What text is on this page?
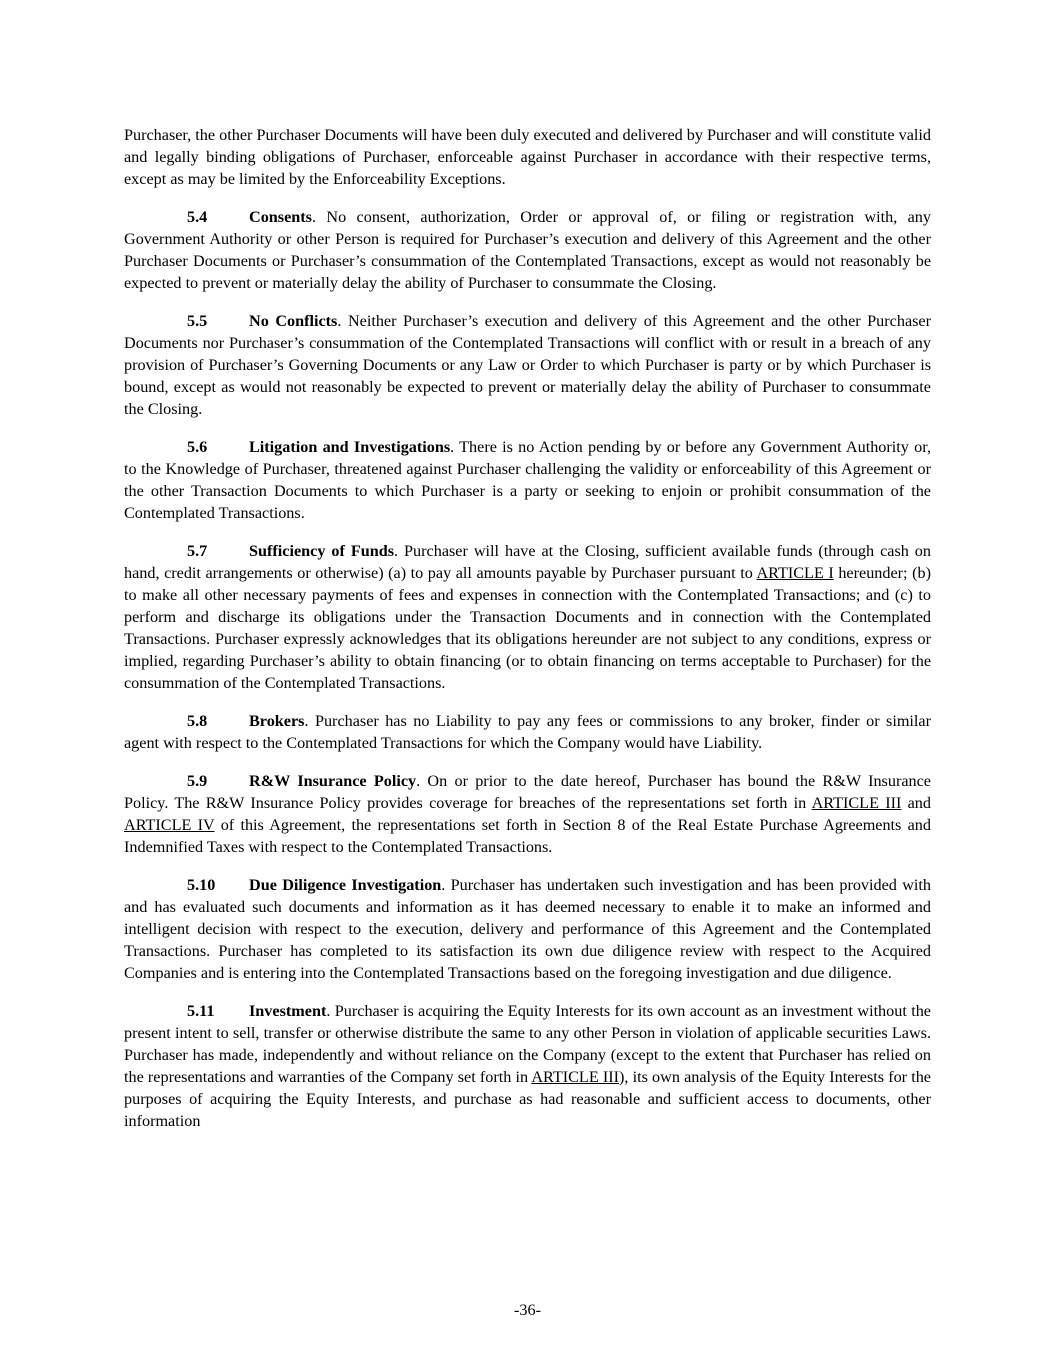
Purchaser, the other Purchaser Documents will have been duly executed and delivered by Purchaser and will constitute valid and legally binding obligations of Purchaser, enforceable against Purchaser in accordance with their respective terms, except as may be limited by the Enforceability Exceptions.

5.4	Consents. No consent, authorization, Order or approval of, or filing or registration with, any Government Authority or other Person is required for Purchaser’s execution and delivery of this Agreement and the other Purchaser Documents or Purchaser’s consummation of the Contemplated Transactions, except as would not reasonably be expected to prevent or materially delay the ability of Purchaser to consummate the Closing.

5.5	No Conflicts. Neither Purchaser’s execution and delivery of this Agreement and the other Purchaser Documents nor Purchaser’s consummation of the Contemplated Transactions will conflict with or result in a breach of any provision of Purchaser’s Governing Documents or any Law or Order to which Purchaser is party or by which Purchaser is bound, except as would not reasonably be expected to prevent or materially delay the ability of Purchaser to consummate the Closing.

5.6	Litigation and Investigations. There is no Action pending by or before any Government Authority or, to the Knowledge of Purchaser, threatened against Purchaser challenging the validity or enforceability of this Agreement or the other Transaction Documents to which Purchaser is a party or seeking to enjoin or prohibit consummation of the Contemplated Transactions.

5.7	Sufficiency of Funds. Purchaser will have at the Closing, sufficient available funds (through cash on hand, credit arrangements or otherwise) (a) to pay all amounts payable by Purchaser pursuant to ARTICLE I hereunder; (b) to make all other necessary payments of fees and expenses in connection with the Contemplated Transactions; and (c) to perform and discharge its obligations under the Transaction Documents and in connection with the Contemplated Transactions. Purchaser expressly acknowledges that its obligations hereunder are not subject to any conditions, express or implied, regarding Purchaser’s ability to obtain financing (or to obtain financing on terms acceptable to Purchaser) for the consummation of the Contemplated Transactions.

5.8	Brokers. Purchaser has no Liability to pay any fees or commissions to any broker, finder or similar agent with respect to the Contemplated Transactions for which the Company would have Liability.

5.9	R&W Insurance Policy. On or prior to the date hereof, Purchaser has bound the R&W Insurance Policy. The R&W Insurance Policy provides coverage for breaches of the representations set forth in ARTICLE III and ARTICLE IV of this Agreement, the representations set forth in Section 8 of the Real Estate Purchase Agreements and Indemnified Taxes with respect to the Contemplated Transactions.

5.10 Due Diligence Investigation. Purchaser has undertaken such investigation and has been provided with and has evaluated such documents and information as it has deemed necessary to enable it to make an informed and intelligent decision with respect to the execution, delivery and performance of this Agreement and the Contemplated Transactions. Purchaser has completed to its satisfaction its own due diligence review with respect to the Acquired Companies and is entering into the Contemplated Transactions based on the foregoing investigation and due diligence.

5.11 Investment. Purchaser is acquiring the Equity Interests for its own account as an investment without the present intent to sell, transfer or otherwise distribute the same to any other Person in violation of applicable securities Laws. Purchaser has made, independently and without reliance on the Company (except to the extent that Purchaser has relied on the representations and warranties of the Company set forth in ARTICLE III), its own analysis of the Equity Interests for the purposes of acquiring the Equity Interests, and purchase as had reasonable and sufficient access to documents, other information

-36-
